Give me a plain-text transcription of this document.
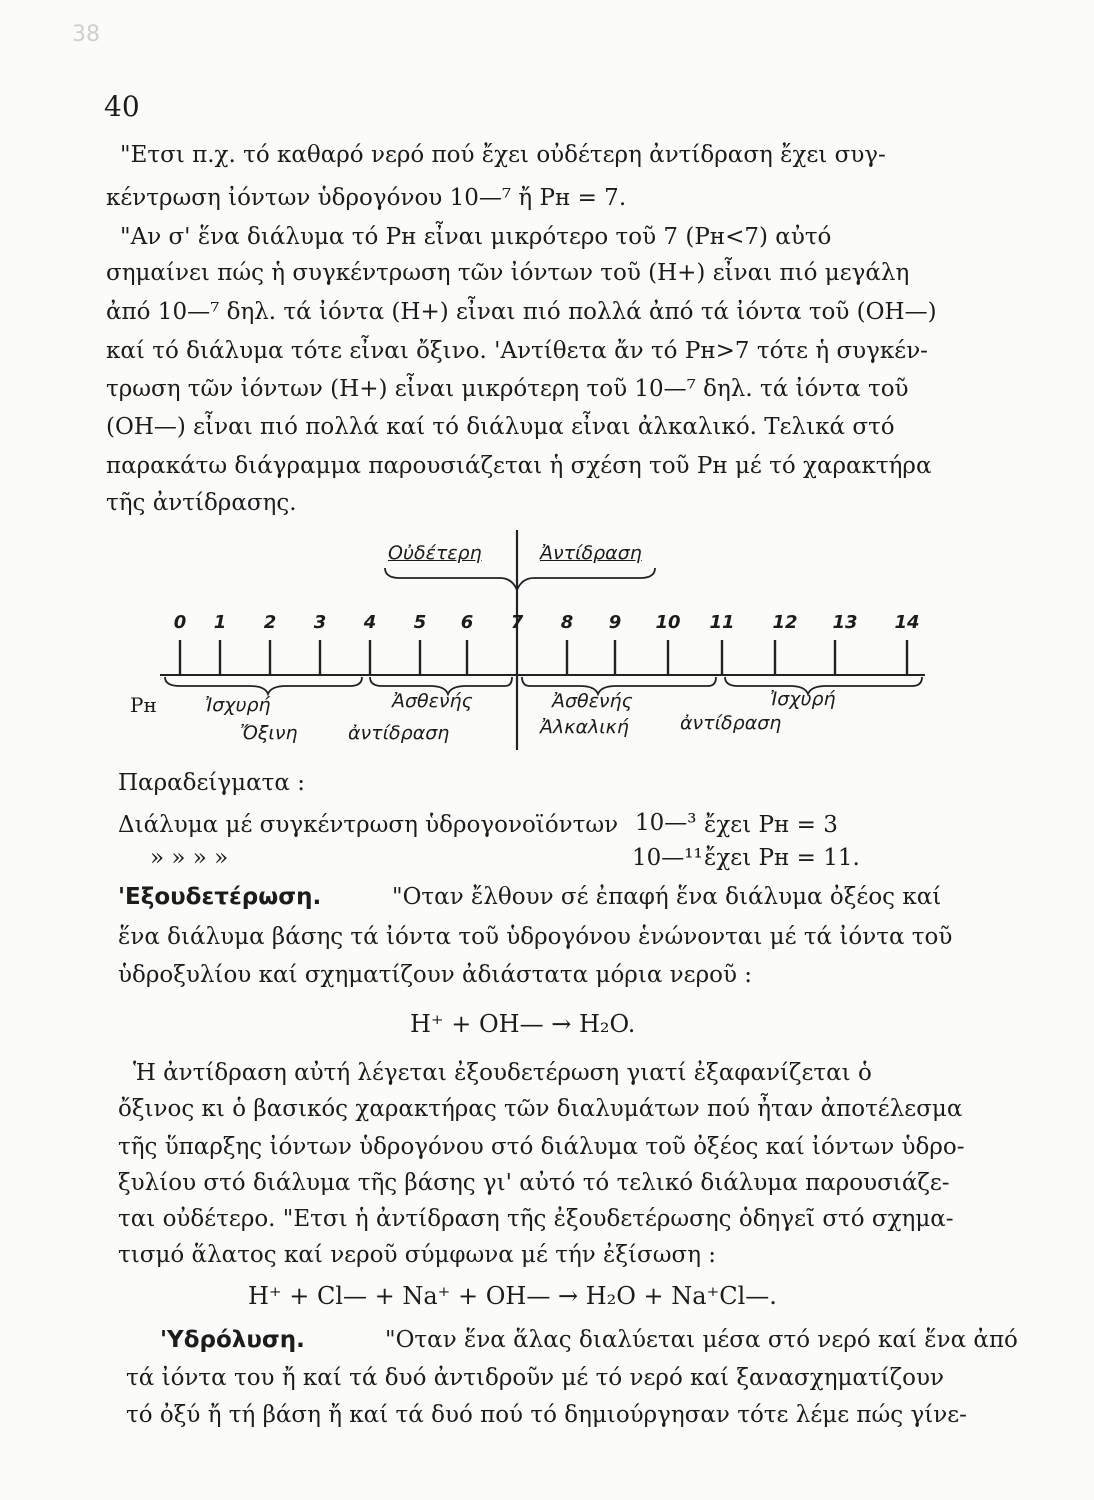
38
40
"Ετσι π.χ. τό καθαρό νερό πού ἔχει οὐδέτερη ἀντίδραση ἔχει συγ-
κέντρωση ἰόντων ὑδρογόνου 10—⁷ ἤ Pʜ = 7.
"Αν σ' ἕνα διάλυμα τό Pʜ εἶναι μικρότερο τοῦ 7 (Pʜ<7) αὐτό
σημαίνει πώς ἡ συγκέντρωση τῶν ἰόντων τοῦ (H+) εἶναι πιό μεγάλη
ἀπό 10—⁷ δηλ. τά ἰόντα (H+) εἶναι πιό πολλά ἀπό τά ἰόντα τοῦ (OH—)
καί τό διάλυμα τότε εἶναι ὄξινο. 'Αντίθετα ἄν τό Pʜ>7 τότε ἡ συγκέν-
τρωση τῶν ἰόντων (H+) εἶναι μικρότερη τοῦ 10—⁷ δηλ. τά ἰόντα τοῦ
(OH—) εἶναι πιό πολλά καί τό διάλυμα εἶναι ἀλκαλικό. Τελικά στό
παρακάτω διάγραμμα παρουσιάζεται ἡ σχέση τοῦ Pʜ μέ τό χαρακτήρα
τῆς ἀντίδρασης.
Οὐδέτερη	Ἀντίδραση
0	1	2	3	4	5	6	7	8	9	10	11	12	13	14
Pʜ	Ἰσχυρή	Ἀσθενής
Ὄξινη	ἀντίδραση
Ἀσθενής	Ἰσχυρή
Ἀλκαλική	ἀντίδραση
Παραδείγματα :
Διάλυμα μέ συγκέντρωση ὑδρογονοϊόντων 10—³ ἔχει Pʜ = 3
» » » »	10—¹¹ ἔχει Pʜ = 11.
'Εξουδετέρωση.	"Οταν ἔλθουν σέ ἐπαφή ἕνα διάλυμα ὀξέος καί
ἕνα διάλυμα βάσης τά ἰόντα τοῦ ὑδρογόνου ἑνώνονται μέ τά ἰόντα τοῦ
ὑδροξυλίου καί σχηματίζουν ἀδιάστατα μόρια νεροῦ :
H⁺ + OH— → H₂O.
Ἡ ἀντίδραση αὐτή λέγεται ἐξουδετέρωση γιατί ἐξαφανίζεται ὁ
ὄξινος κι ὁ βασικός χαρακτήρας τῶν διαλυμάτων πού ἦταν ἀποτέλεσμα
τῆς ὕπαρξης ἰόντων ὑδρογόνου στό διάλυμα τοῦ ὀξέος καί ἰόντων ὑδρο-
ξυλίου στό διάλυμα τῆς βάσης γι' αὐτό τό τελικό διάλυμα παρουσιάζε-
ται οὐδέτερο. "Ετσι ἡ ἀντίδραση τῆς ἐξουδετέρωσης ὁδηγεῖ στό σχημα-
τισμό ἅλατος καί νεροῦ σύμφωνα μέ τήν ἐξίσωση :
H⁺ + Cl— + Na⁺ + OH— → H₂O + Na⁺Cl—.
'Υδρόλυση.	"Οταν ἕνα ἅλας διαλύεται μέσα στό νερό καί ἕνα ἀπό
τά ἰόντα του ἤ καί τά δυό ἀντιδροῦν μέ τό νερό καί ξανασχηματίζουν
τό ὀξύ ἤ τή βάση ἤ καί τά δυό πού τό δημιούργησαν τότε λέμε πώς γίνε-
